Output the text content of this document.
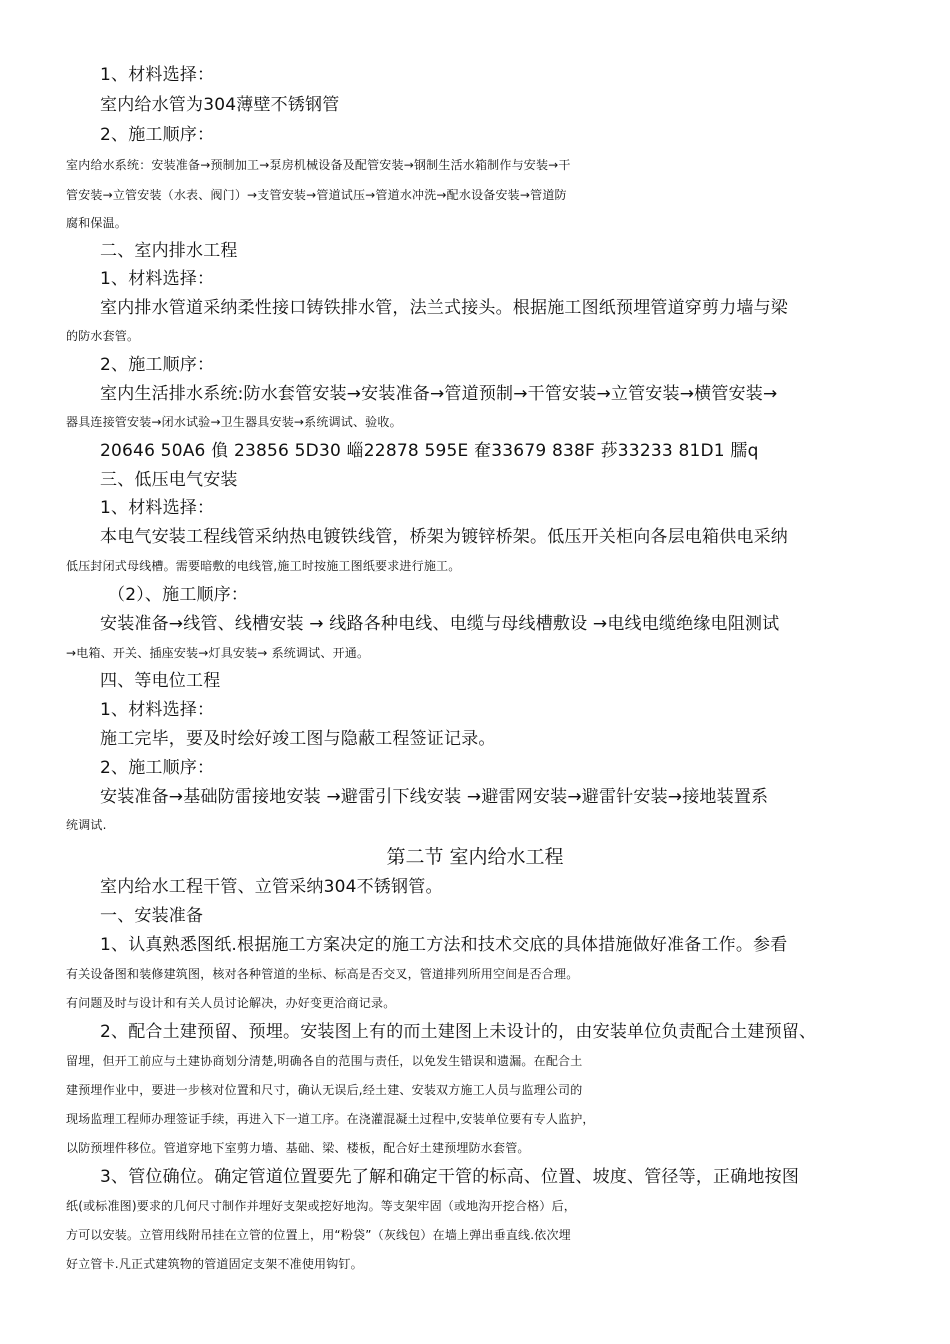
1、材料选择：
室内给水管为304薄壁不锈钢管
2、施工顺序：
室内给水系统：安装准备→预制加工→泵房机械设备及配管安装→钢制生活水箱制作与安装→干
管安装→立管安装（水表、阀门）→支管安装→管道试压→管道水冲洗→配水设备安装→管道防
腐和保温。
二、室内排水工程
1、材料选择：
室内排水管道采纳柔性接口铸铁排水管，法兰式接头。根据施工图纸预埋管道穿剪力墙与梁
的防水套管。
2、施工顺序：
室内生活排水系统:防水套管安装→安装准备→管道预制→干管安装→立管安装→横管安装→
器具连接管安装→闭水试验→卫生器具安装→系统调试、验收。
20646 50A6 偩 23856 5D30 崰22878 595E 奞33679 838F 莏33233 81D1 臑q
三、低压电气安装
1、材料选择：
本电气安装工程线管采纳热电镀铁线管，桥架为镀锌桥架。低压开关柜向各层电箱供电采纳
低压封闭式母线槽。需要暗敷的电线管,施工时按施工图纸要求进行施工。
（2）、施工顺序：
安装准备→线管、线槽安装 → 线路各种电线、电缆与母线槽敷设 →电线电缆绝缘电阻测试
→电箱、开关、插座安装→灯具安装→ 系统调试、开通。
四、等电位工程
1、材料选择：
施工完毕，要及时绘好竣工图与隐蔽工程签证记录。
2、施工顺序：
安装准备→基础防雷接地安装 →避雷引下线安装 →避雷网安装→避雷针安装→接地装置系
统调试.
第二节 室内给水工程
室内给水工程干管、立管采纳304不锈钢管。
一、安装准备
1、认真熟悉图纸.根据施工方案决定的施工方法和技术交底的具体措施做好准备工作。参看
有关设备图和装修建筑图，核对各种管道的坐标、标高是否交叉，管道排列所用空间是否合理。
有问题及时与设计和有关人员讨论解决，办好变更洽商记录。
2、配合土建预留、预埋。安装图上有的而土建图上未设计的，由安装单位负责配合土建预留、
留埋，但开工前应与土建协商划分清楚,明确各自的范围与责任，以免发生错误和遗漏。在配合土
建预埋作业中，要进一步核对位置和尺寸，确认无误后,经土建、安装双方施工人员与监理公司的
现场监理工程师办理签证手续，再进入下一道工序。在浇灌混凝土过程中,安装单位要有专人监护，
以防预埋件移位。管道穿地下室剪力墙、基础、梁、楼板，配合好土建预埋防水套管。
3、管位确位。确定管道位置要先了解和确定干管的标高、位置、坡度、管径等，正确地按图
纸(或标准图)要求的几何尺寸制作并埋好支架或挖好地沟。等支架牢固（或地沟开挖合格）后，
方可以安装。立管用线附吊挂在立管的位置上，用“粉袋”（灰线包）在墙上弹出垂直线.依次埋
好立管卡.凡正式建筑物的管道固定支架不准使用钩钉。
